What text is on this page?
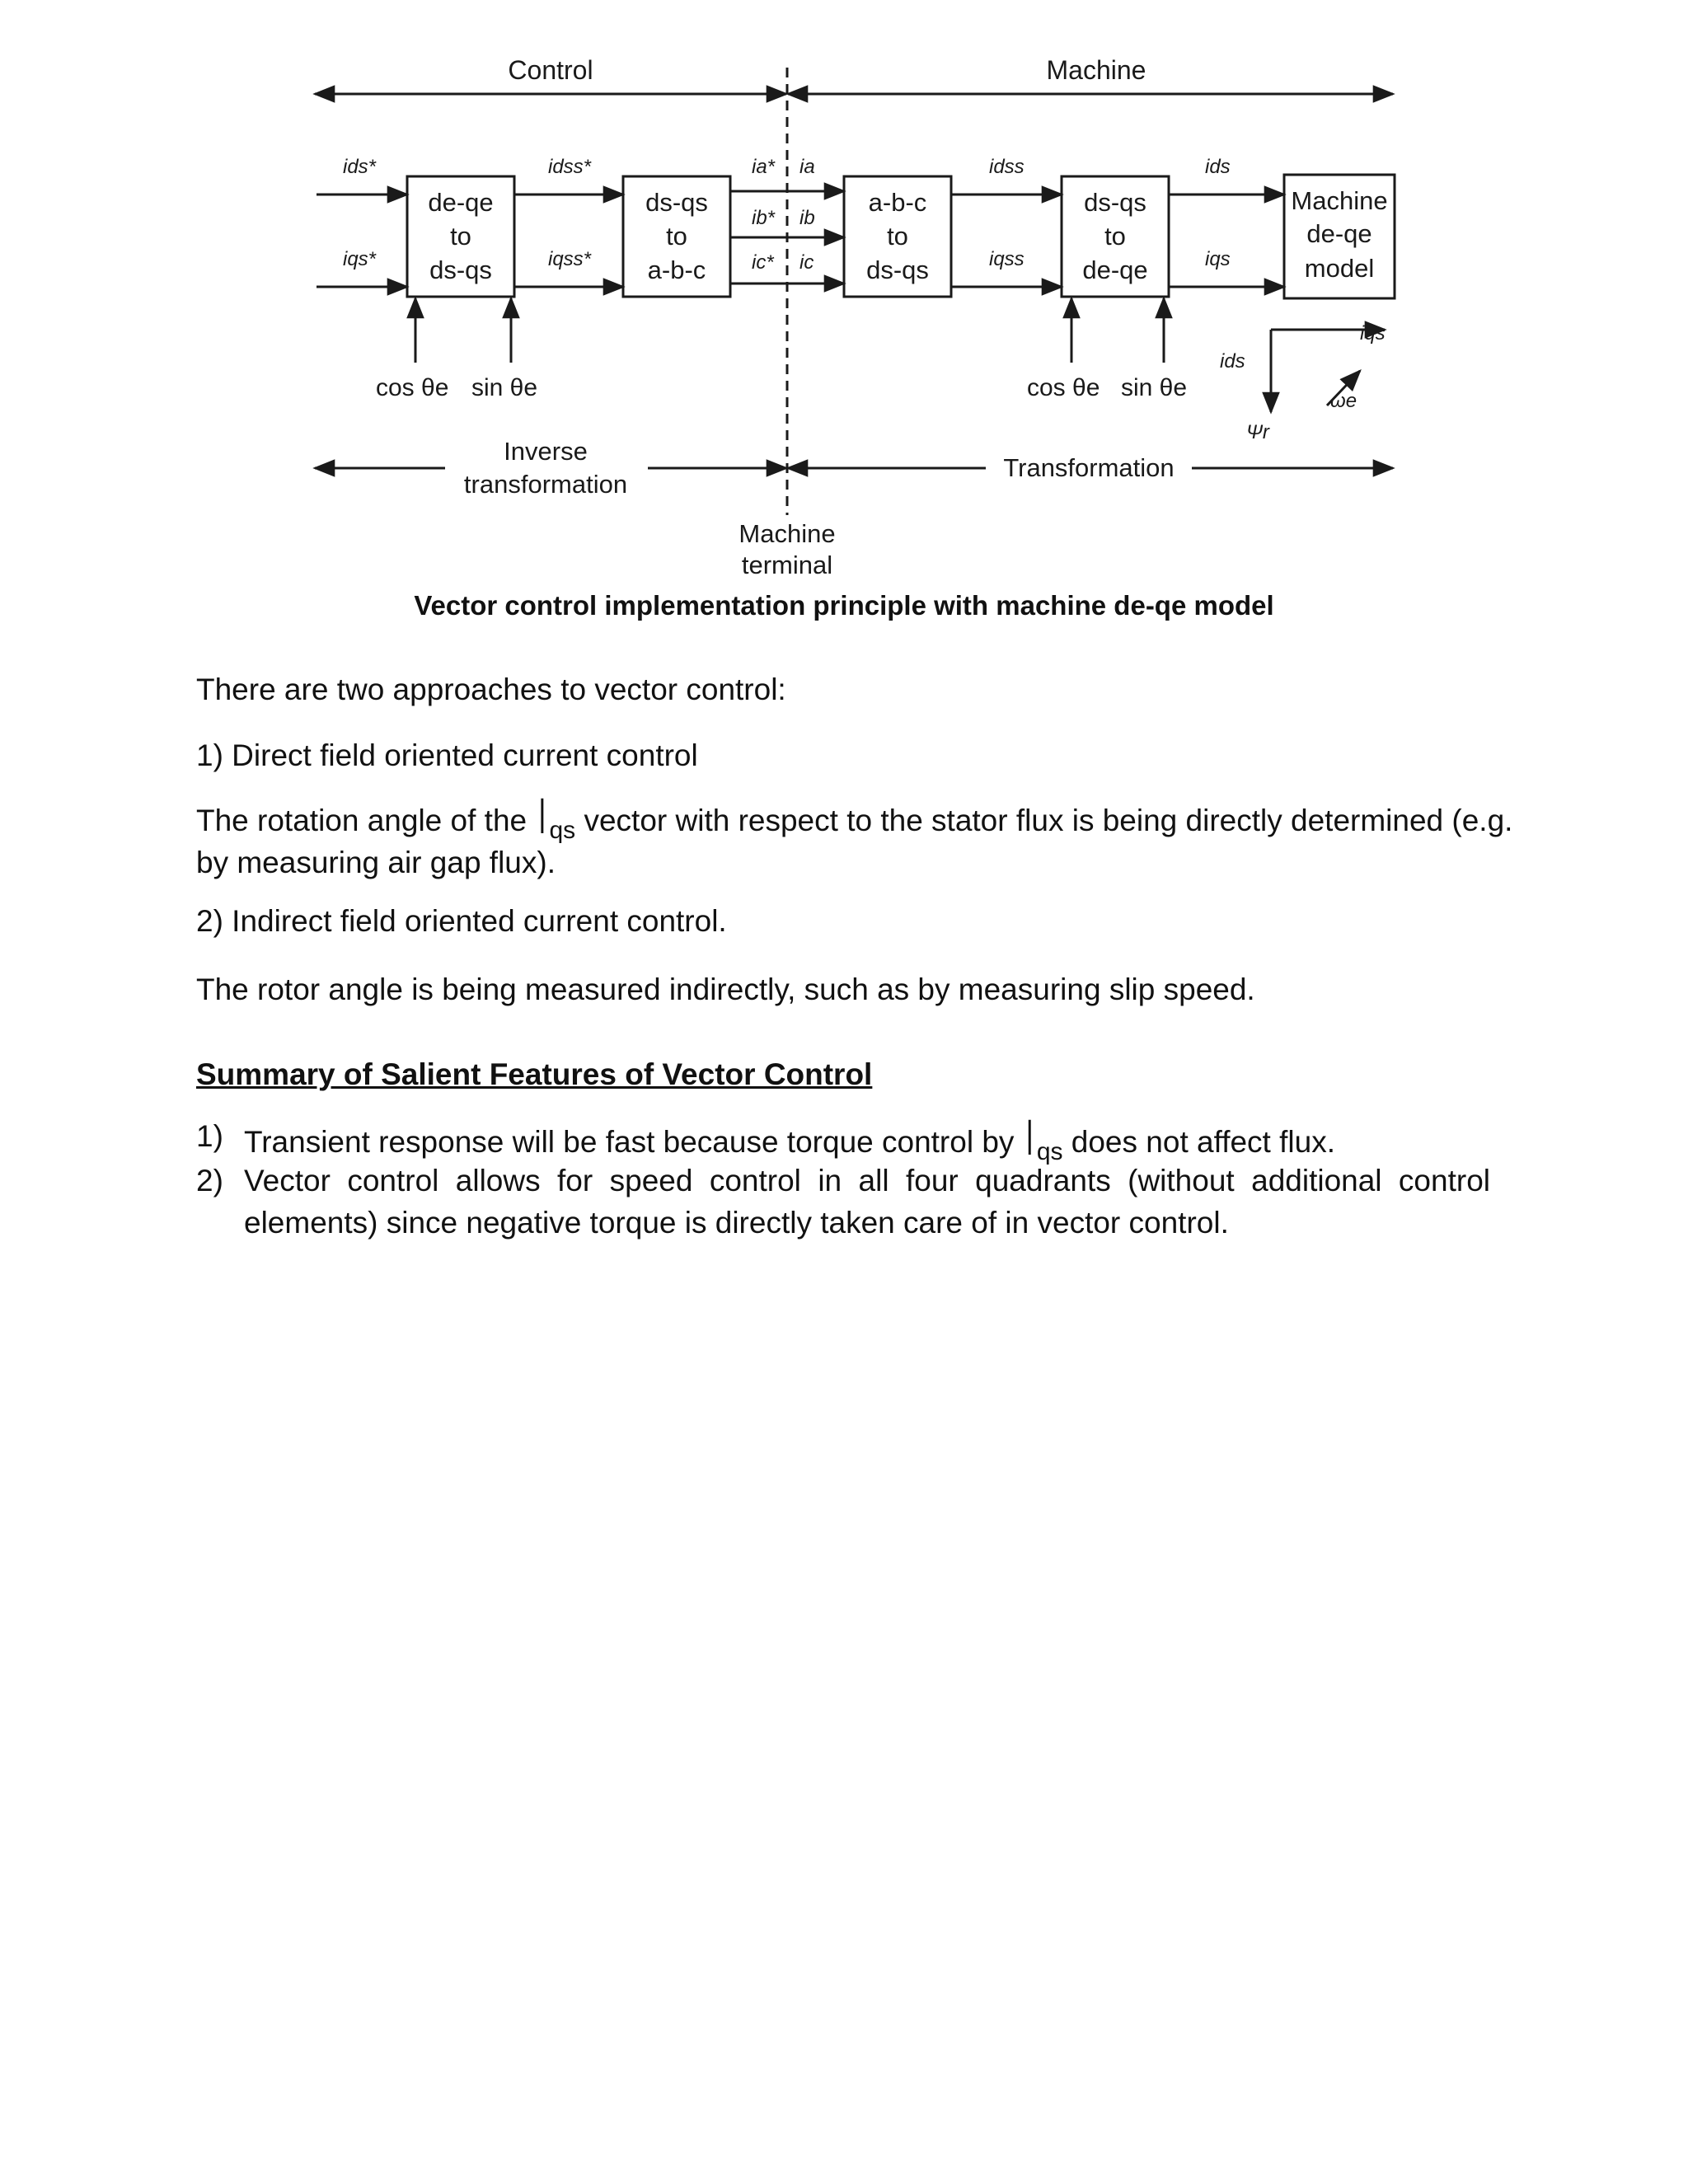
Control	Machine
de-qe
to
ds-qs
ds-qs
to
a-b-c
a-b-c
to
ds-qs
ds-qs
to
de-qe
Machine
de-qe
model
ids*
iqs*
idss*
iqss*
ia*
ib*
ic*
ia
ib
ic
idss
iqss
ids
iqs
cos θe sin θe	cos θe sin θe
iqs
ids
Ψr
ωe
Inverse
transformation
Transformation
Machine
terminal
Vector control implementation principle with machine de-qe model
There are two approaches to vector control:
1) Direct field oriented current control
The rotation angle of the $I_{qs}$ vector with respect to the stator flux is being directly determined (e.g.
by measuring air gap flux).
2) Indirect field oriented current control.
The rotor angle is being measured indirectly, such as by measuring slip speed.
Summary of Salient Features of Vector Control
1) Transient response will be fast because torque control by $I_{qs}$ does not affect flux.
2) Vector control allows for speed control in all four quadrants (without additional control elements) since negative torque is directly taken care of in vector control.
